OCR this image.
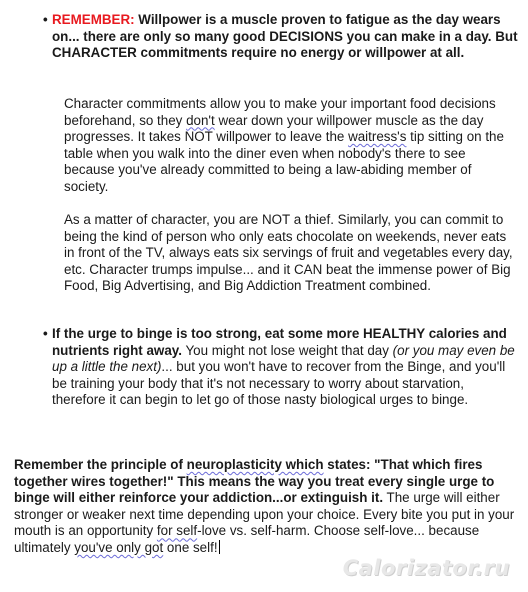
• REMEMBER: Willpower is a muscle proven to fatigue as the day wears on... there are only so many good DECISIONS you can make in a day. But CHARACTER commitments require no energy or willpower at all.
Character commitments allow you to make your important food decisions beforehand, so they don't wear down your willpower muscle as the day progresses. It takes NOT willpower to leave the waitress's tip sitting on the table when you walk into the diner even when nobody's there to see because you've already committed to being a law-abiding member of society.
As a matter of character, you are NOT a thief. Similarly, you can commit to being the kind of person who only eats chocolate on weekends, never eats in front of the TV, always eats six servings of fruit and vegetables every day, etc. Character trumps impulse... and it CAN beat the immense power of Big Food, Big Advertising, and Big Addiction Treatment combined.
• If the urge to binge is too strong, eat some more HEALTHY calories and nutrients right away. You might not lose weight that day (or you may even be up a little the next)... but you won't have to recover from the Binge, and you'll be training your body that it's not necessary to worry about starvation, therefore it can begin to let go of those nasty biological urges to binge.
Remember the principle of neuroplasticity which states: "That which fires together wires together!" This means the way you treat every single urge to binge will either reinforce your addiction...or extinguish it. The urge will either stronger or weaker next time depending upon your choice. Every bite you put in your mouth is an opportunity for self-love vs. self-harm. Choose self-love... because ultimately you've only got one self!
Calorizator.ru
